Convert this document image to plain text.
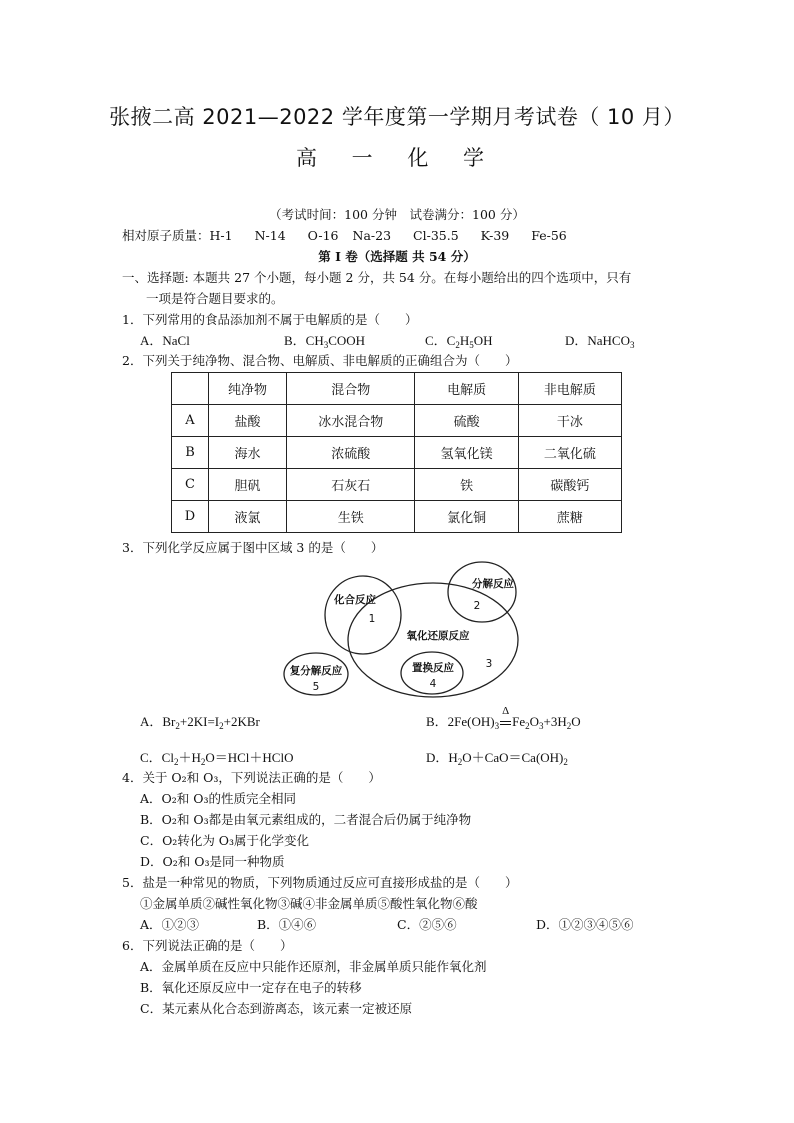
张掖二高 2021—2022 学年度第一学期月考试卷（ 10 月）
高 一 化 学
（考试时间：100 分钟　试卷满分：100 分）
相对原子质量：H-1 N-14 O-16 Na-23 Cl-35.5 K-39 Fe-56
第 I 卷（选择题 共 54 分）
一、选择题: 本题共 27 个小题，每小题 2 分，共 54 分。在每小题给出的四个选项中，只有
一项是符合题目要求的。
1．下列常用的食品添加剂不属于电解质的是（　　）
A．NaCl	B．$CH_3COOH$	C．$C_2H_5OH$	D．NaHCO$_3$
2．下列关于纯净物、混合物、电解质、非电解质的正确组合为（　　）
	纯净物	混合物	电解质	非电解质
A	盐酸	冰水混合物	硫酸	干冰
B	海水	浓硫酸	氢氧化镁	二氧化硫
C	胆矾	石灰石	铁	碳酸钙
D	液氯	生铁	氯化铜	蔗糖
3．下列化学反应属于图中区域 3 的是（　　）
化合反应
1
分解反应
2
氧化还原反应
3
置换反应
4
复分解反应
5
A．$Br_2+2KI=I_2+2KBr$	B．$2Fe(OH)_3$
Δ
$Fe_2O_3+3H_2O$
C．$Cl_2+H_2O=HCl+HClO$	D．$H_2O+CaO=Ca(OH)_2$
4．关于 O₂和 O₃，下列说法正确的是（　　）
A．O₂和 O₃的性质完全相同
B．O₂和 O₃都是由氧元素组成的，二者混合后仍属于纯净物
C．O₂转化为 O₃属于化学变化
D．O₂和 O₃是同一种物质
5．盐是一种常见的物质，下列物质通过反应可直接形成盐的是（　　）
①金属单质②碱性氧化物③碱④非金属单质⑤酸性氧化物⑥酸
A．①②③	B．①④⑥	C．②⑤⑥	D．①②③④⑤⑥
6．下列说法正确的是（　　）
A．金属单质在反应中只能作还原剂，非金属单质只能作氧化剂
B．氧化还原反应中一定存在电子的转移
C．某元素从化合态到游离态，该元素一定被还原
